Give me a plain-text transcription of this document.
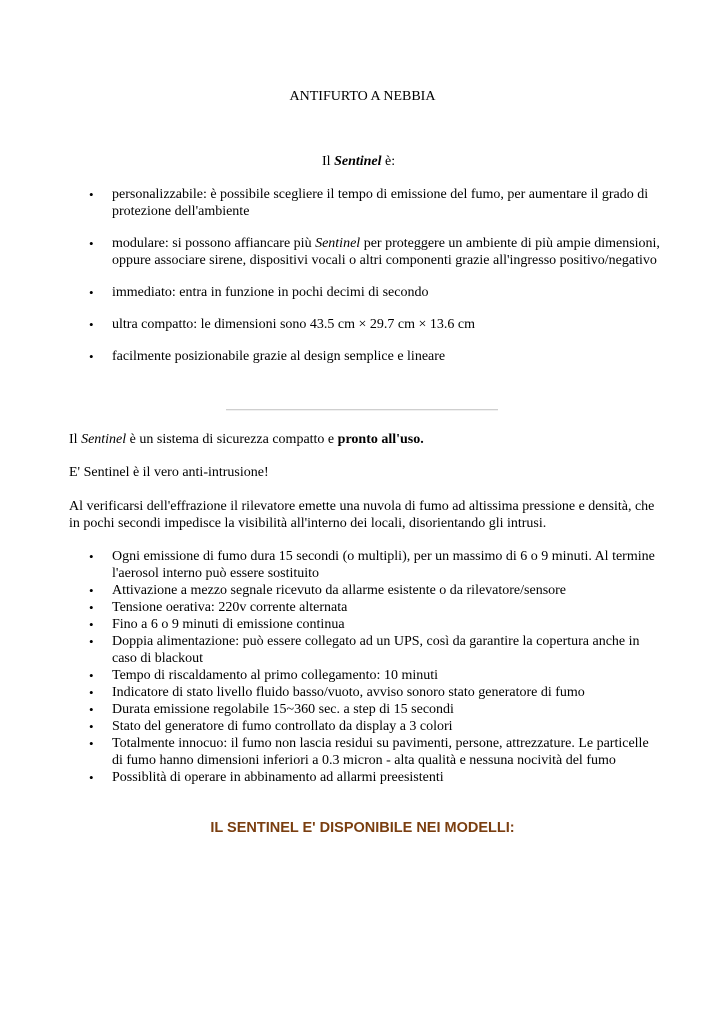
ANTIFURTO A NEBBIA
Il Sentinel è:
• personalizzabile: è possibile scegliere il tempo di emissione del fumo, per aumentare il grado di protezione dell'ambiente
• modulare: si possono affiancare più Sentinel per proteggere un ambiente di più ampie dimensioni, oppure associare sirene, dispositivi vocali o altri componenti grazie all'ingresso positivo/negativo
• immediato: entra in funzione in pochi decimi di secondo
• ultra compatto: le dimensioni sono 43.5 cm × 29.7 cm × 13.6 cm
• facilmente posizionabile grazie al design semplice e lineare
Il Sentinel è un sistema di sicurezza compatto e pronto all'uso.
E' Sentinel è il vero anti-intrusione!
Al verificarsi dell'effrazione il rilevatore emette una nuvola di fumo ad altissima pressione e densità, che in pochi secondi impedisce la visibilità all'interno dei locali, disorientando gli intrusi.
• Ogni emissione di fumo dura 15 secondi (o multipli), per un massimo di 6 o 9 minuti. Al termine l'aerosol interno può essere sostituito
• Attivazione a mezzo segnale ricevuto da allarme esistente o da rilevatore/sensore
• Tensione oerativa: 220v corrente alternata
• Fino a 6 o 9 minuti di emissione continua
• Doppia alimentazione: può essere collegato ad un UPS, così da garantire la copertura anche in caso di blackout
• Tempo di riscaldamento al primo collegamento: 10 minuti
• Indicatore di stato livello fluido basso/vuoto, avviso sonoro stato generatore di fumo
• Durata emissione regolabile 15~360 sec. a step di 15 secondi
• Stato del generatore di fumo controllato da display a 3 colori
• Totalmente innocuo: il fumo non lascia residui su pavimenti, persone, attrezzature. Le particelle di fumo hanno dimensioni inferiori a 0.3 micron - alta qualità e nessuna nocività del fumo
• Possiblità di operare in abbinamento ad allarmi preesistenti
IL SENTINEL E' DISPONIBILE NEI MODELLI:
